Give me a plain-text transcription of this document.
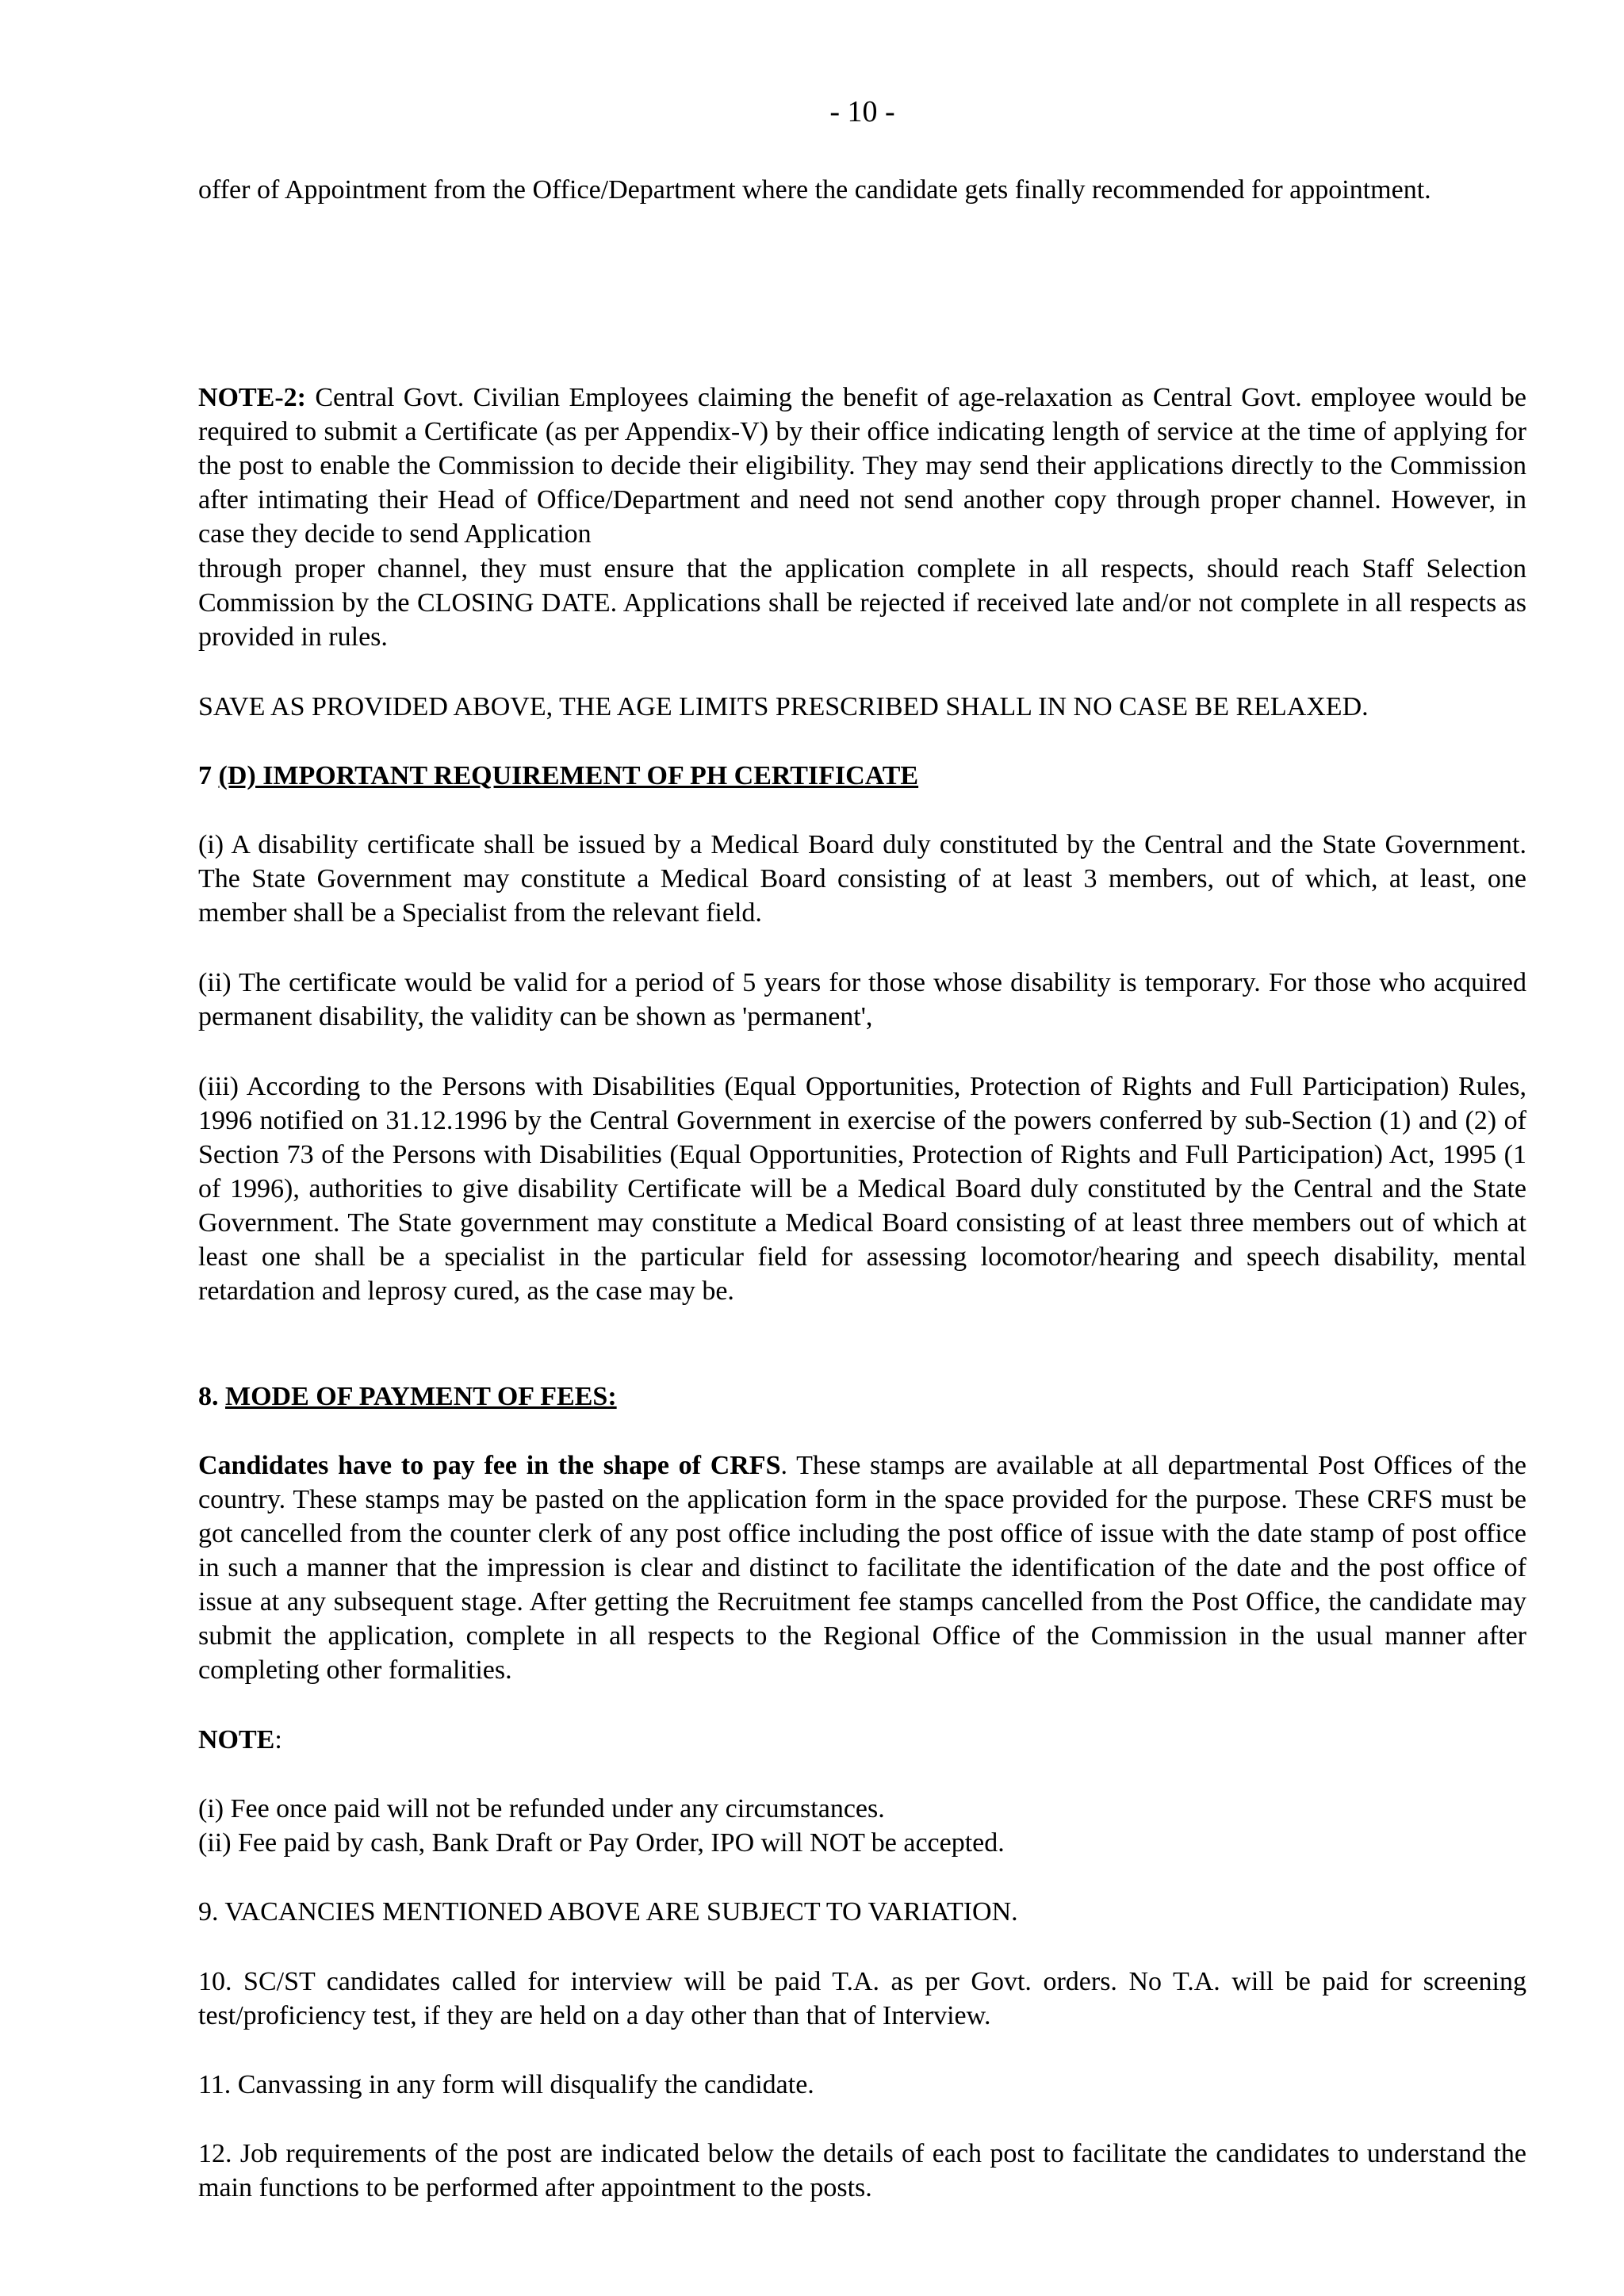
- 10 -

offer of Appointment from the Office/Department where the candidate gets finally recommended for appointment.

NOTE-2: Central Govt. Civilian Employees claiming the benefit of age-relaxation as Central Govt. employee would be required to submit a Certificate (as per Appendix-V) by their office indicating length of service at the time of applying for the post to enable the Commission to decide their eligibility. They may send their applications directly to the Commission after intimating their Head of Office/Department and need not send another copy through proper channel. However, in case they decide to send Application

through proper channel, they must ensure that the application complete in all respects, should reach Staff Selection Commission by the CLOSING DATE. Applications shall be rejected if received late and/or not complete in all respects as provided in rules.

SAVE AS PROVIDED ABOVE, THE AGE LIMITS PRESCRIBED SHALL IN NO CASE BE RELAXED.

7 (D) IMPORTANT REQUIREMENT OF PH CERTIFICATE

(i) A disability certificate shall be issued by a Medical Board duly constituted by the Central and the State Government. The State Government may constitute a Medical Board consisting of at least 3 members, out of which, at least, one member shall be a Specialist from the relevant field.

(ii) The certificate would be valid for a period of 5 years for those whose disability is temporary. For those who acquired permanent disability, the validity can be shown as 'permanent',

(iii) According to the Persons with Disabilities (Equal Opportunities, Protection of Rights and Full Participation) Rules, 1996 notified on 31.12.1996 by the Central Government in exercise of the powers conferred by sub-Section (1) and (2) of Section 73 of the Persons with Disabilities (Equal Opportunities, Protection of Rights and Full Participation) Act, 1995 (1 of 1996), authorities to give disability Certificate will be a Medical Board duly constituted by the Central and the State Government. The State government may constitute a Medical Board consisting of at least three members out of which at least one shall be a specialist in the particular field for assessing locomotor/hearing and speech disability, mental retardation and leprosy cured, as the case may be.

8. MODE OF PAYMENT OF FEES:

Candidates have to pay fee in the shape of CRFS. These stamps are available at all departmental Post Offices of the country. These stamps may be pasted on the application form in the space provided for the purpose. These CRFS must be got cancelled from the counter clerk of any post office including the post office of issue with the date stamp of post office in such a manner that the impression is clear and distinct to facilitate the identification of the date and the post office of issue at any subsequent stage. After getting the Recruitment fee stamps cancelled from the Post Office, the candidate may submit the application, complete in all respects to the Regional Office of the Commission in the usual manner after completing other formalities.

NOTE:

(i) Fee once paid will not be refunded under any circumstances.
(ii) Fee paid by cash, Bank Draft or Pay Order, IPO will NOT be accepted.

9. VACANCIES MENTIONED ABOVE ARE SUBJECT TO VARIATION.

10. SC/ST candidates called for interview will be paid T.A. as per Govt. orders. No T.A. will be paid for screening test/proficiency test, if they are held on a day other than that of Interview.

11. Canvassing in any form will disqualify the candidate.

12. Job requirements of the post are indicated below the details of each post to facilitate the candidates to understand the main functions to be performed after appointment to the posts.
